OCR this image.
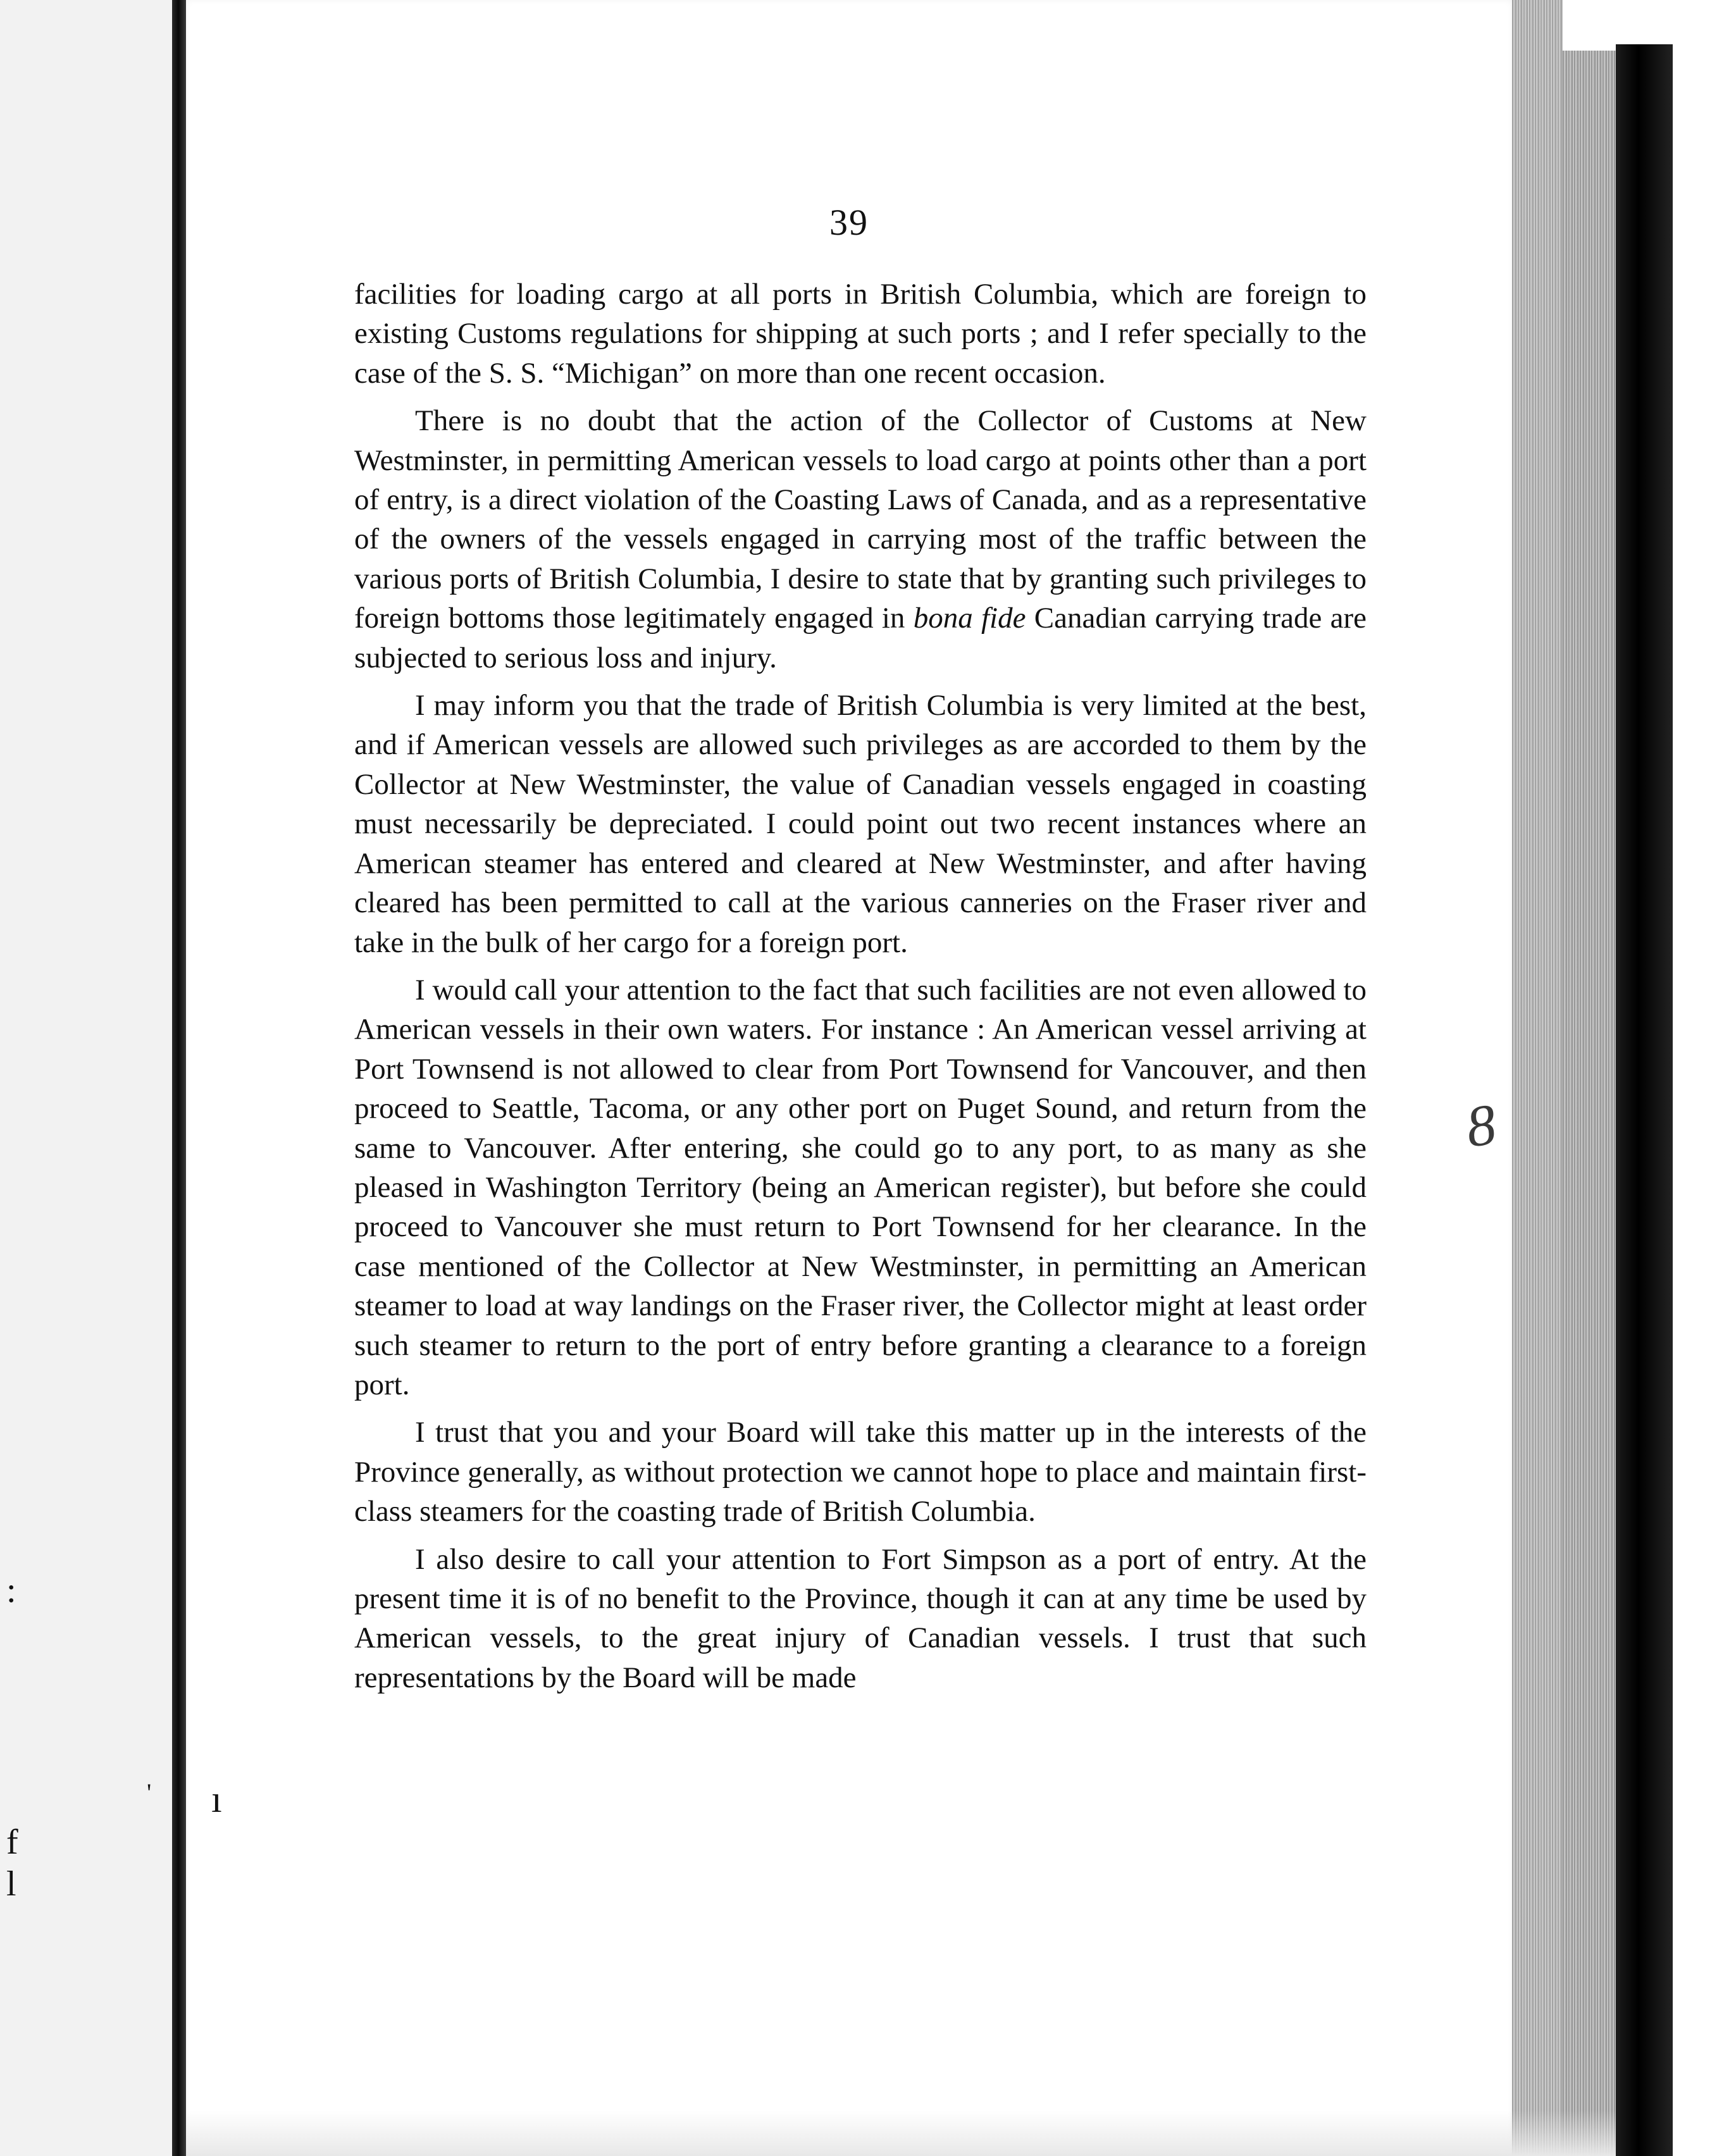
:
f
l
39

facilities for loading cargo at all ports in British Columbia, which are foreign to existing Customs regulations for shipping at such ports ; and I refer specially to the case of the S. S. “Michigan” on more than one recent occasion.

There is no doubt that the action of the Collector of Customs at New Westminster, in permitting American vessels to load cargo at points other than a port of entry, is a direct violation of the Coasting Laws of Canada, and as a representative of the owners of the vessels engaged in carrying most of the traffic between the various ports of British Columbia, I desire to state that by granting such privileges to foreign bottoms those legitimately engaged in bona fide Canadian carrying trade are subjected to serious loss and injury.

I may inform you that the trade of British Columbia is very limited at the best, and if American vessels are allowed such privileges as are accorded to them by the Collector at New Westminster, the value of Canadian vessels engaged in coasting must necessarily be depreciated. I could point out two recent instances where an American steamer has entered and cleared at New Westminster, and after having cleared has been permitted to call at the various canneries on the Fraser river and take in the bulk of her cargo for a foreign port.

I would call your attention to the fact that such facilities are not even allowed to American vessels in their own waters. For instance : An American vessel arriving at Port Townsend is not allowed to clear from Port Townsend for Vancouver, and then proceed to Seattle, Tacoma, or any other port on Puget Sound, and return from the same to Vancouver. After entering, she could go to any port, to as many as she pleased in Washington Territory (being an American register), but before she could proceed to Vancouver she must return to Port Townsend for her clearance. In the case mentioned of the Collector at New Westminster, in permitting an American steamer to load at way landings on the Fraser river, the Collector might at least order such steamer to return to the port of entry before granting a clearance to a foreign port.

I trust that you and your Board will take this matter up in the interests of the Province generally, as without protection we cannot hope to place and maintain first-class steamers for the coasting trade of British Columbia.

I also desire to call your attention to Fort Simpson as a port of entry. At the present time it is of no benefit to the Province, though it can at any time be used by American vessels, to the great injury of Canadian vessels. I trust that such representations by the Board will be made

ı
'
8
